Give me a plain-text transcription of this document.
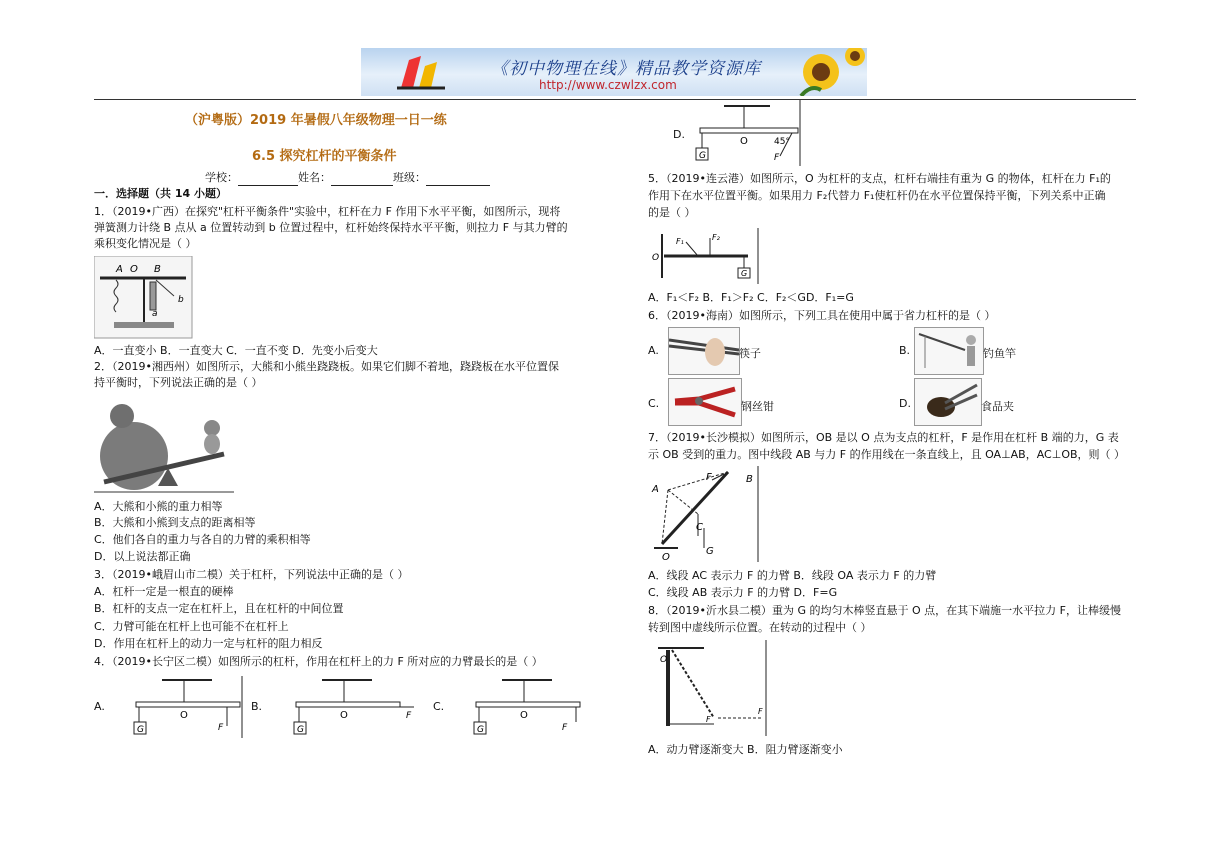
《初中物理在线》精品教学资源库
http://www.czwlzx.com
（沪粤版）2019 年暑假八年级物理一日一练
6.5 探究杠杆的平衡条件
学校：	姓名：	班级：
一．选择题（共 14 小题）
1．（2019•广西）在探究"杠杆平衡条件"实验中，杠杆在力 F 作用下水平平衡，如图所示，现将
弹簧测力计绕 B 点从 a 位置转动到 b 位置过程中，杠杆始终保持水平平衡，则拉力 F 与其力臂的
乘积变化情况是（ ）
A O B
b
a
A．一直变小 B．一直变大 C．一直不变 D．先变小后变大
2．（2019•湘西州）如图所示，大熊和小熊坐跷跷板。如果它们脚不着地，跷跷板在水平位置保
持平衡时，下列说法正确的是（ ）
A．大熊和小熊的重力相等
B．大熊和小熊到支点的距离相等
C．他们各自的重力与各自的力臂的乘积相等
D．以上说法都正确
3．（2019•峨眉山市二模）关于杠杆，下列说法中正确的是（ ）
A．杠杆一定是一根直的硬棒
B．杠杆的支点一定在杠杆上，且在杠杆的中间位置
C．力臂可能在杠杆上也可能不在杠杆上
D．作用在杠杆上的动力一定与杠杆的阻力相反
4．（2019•长宁区二模）如图所示的杠杆，作用在杠杆上的力 F 所对应的力臂最长的是（ ）
A.
G
O
F
B.
G
O	F
C.
G
O
F
D.
G
O	45°
F
5．（2019•连云港）如图所示，O 为杠杆的支点，杠杆右端挂有重为 G 的物体，杠杆在力 F₁的
作用下在水平位置平衡。如果用力 F₂代替力 F₁使杠杆仍在水平位置保持平衡，下列关系中正确
的是（ ）
O
F₁	F₂
G
A．F₁＜F₂ B．F₁＞F₂ C．F₂＜GD．F₁=G
6．（2019•海南）如图所示，下列工具在使用中属于省力杠杆的是（ ）
A.	筷子	B.	钓鱼竿
C.	钢丝钳	D.	食品夹
7．（2019•长沙模拟）如图所示，OB 是以 O 点为支点的杠杆，F 是作用在杠杆 B 端的力，G 表
示 OB 受到的重力。图中线段 AB 与力 F 的作用线在一条直线上，且 OA⊥AB，AC⊥OB，则（ ）
F	B
A
C
G
O
A．线段 AC 表示力 F 的力臂 B．线段 OA 表示力 F 的力臂
C．线段 AB 表示力 F 的力臂 D．F=G
8．（2019•沂水县二模）重为 G 的均匀木棒竖直悬于 O 点，在其下端施一水平拉力 F，让棒缓慢
转到图中虚线所示位置。在转动的过程中（ ）
O
F
F
A．动力臂逐渐变大 B．阻力臂逐渐变小
